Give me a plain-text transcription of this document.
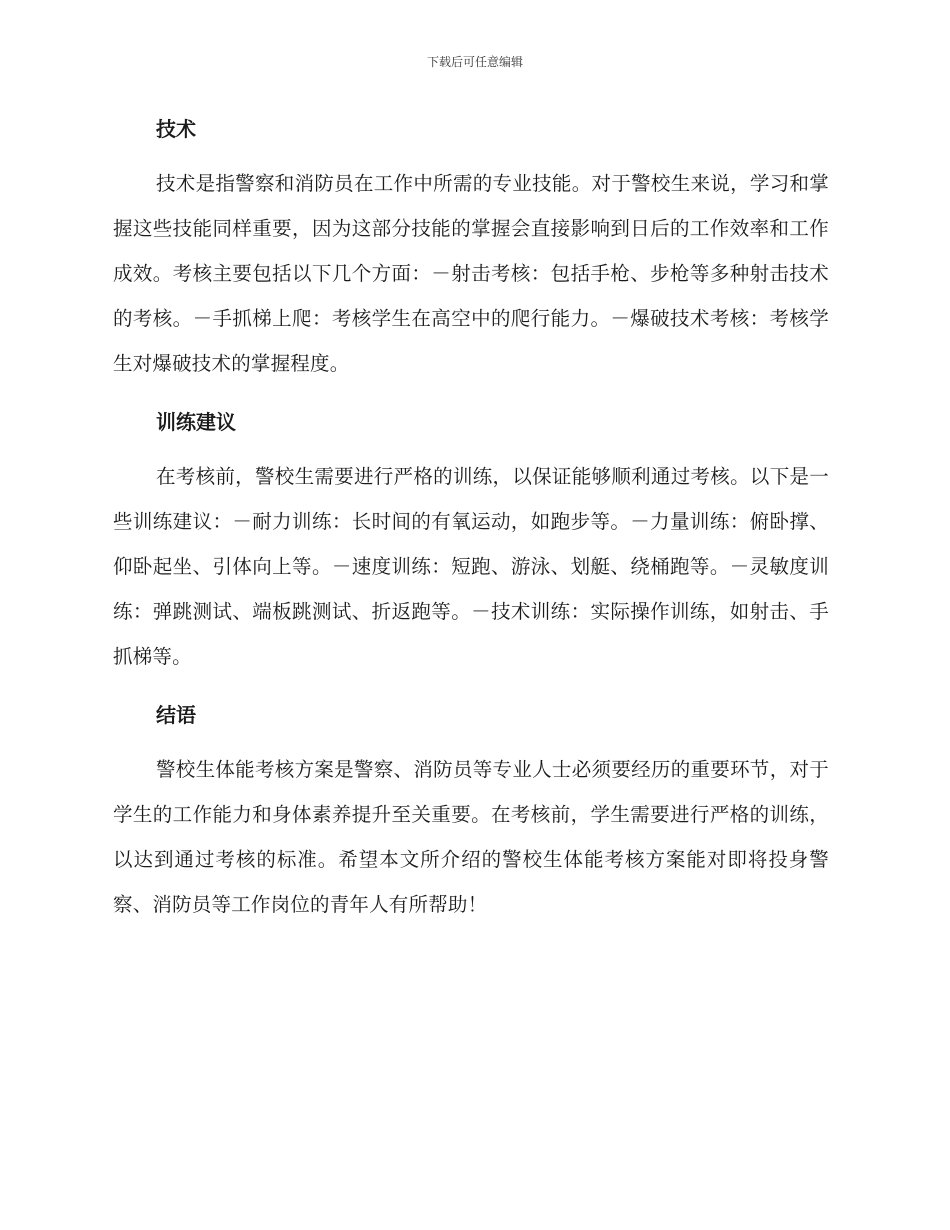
下载后可任意编辑
技术

技术是指警察和消防员在工作中所需的专业技能。对于警校生来说，学习和掌握这些技能同样重要，因为这部分技能的掌握会直接影响到日后的工作效率和工作成效。考核主要包括以下几个方面：－射击考核：包括手枪、步枪等多种射击技术的考核。－手抓梯上爬：考核学生在高空中的爬行能力。－爆破技术考核：考核学生对爆破技术的掌握程度。

训练建议

在考核前，警校生需要进行严格的训练，以保证能够顺利通过考核。以下是一些训练建议：－耐力训练：长时间的有氧运动，如跑步等。－力量训练：俯卧撑、仰卧起坐、引体向上等。－速度训练：短跑、游泳、划艇、绕桶跑等。－灵敏度训练：弹跳测试、端板跳测试、折返跑等。－技术训练：实际操作训练，如射击、手抓梯等。

结语

警校生体能考核方案是警察、消防员等专业人士必须要经历的重要环节，对于学生的工作能力和身体素养提升至关重要。在考核前，学生需要进行严格的训练，以达到通过考核的标准。希望本文所介绍的警校生体能考核方案能对即将投身警察、消防员等工作岗位的青年人有所帮助！
